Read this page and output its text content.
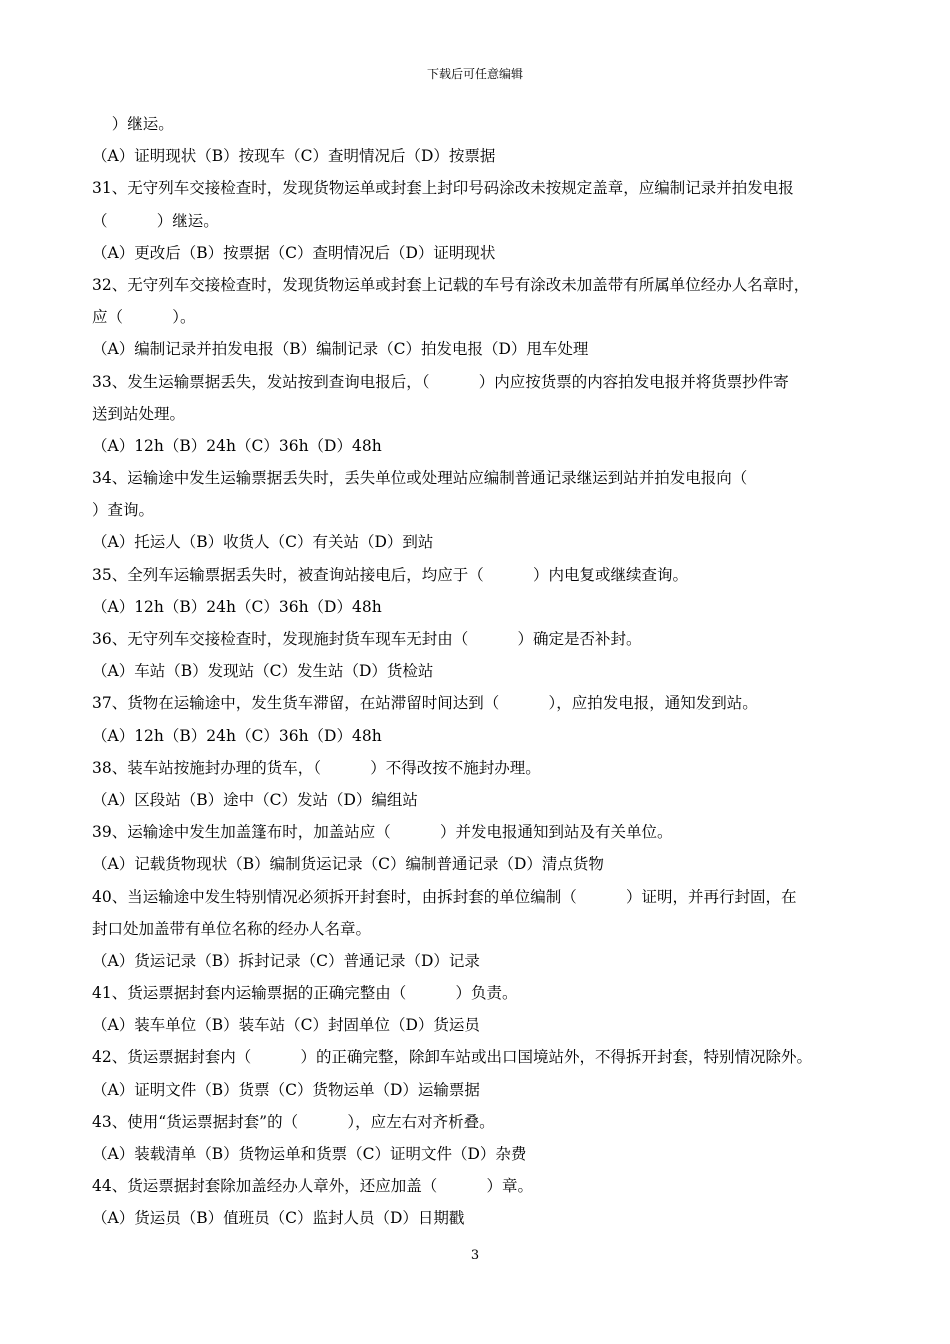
下载后可任意编辑
）继运。
（A）证明现状（B）按现车（C）查明情况后（D）按票据
31、无守列车交接检查时，发现货物运单或封套上封印号码涂改未按规定盖章，应编制记录并拍发电报
（          ）继运。
（A）更改后（B）按票据（C）查明情况后（D）证明现状
32、无守列车交接检查时，发现货物运单或封套上记载的车号有涂改未加盖带有所属单位经办人名章时，
应（          ）。
（A）编制记录并拍发电报（B）编制记录（C）拍发电报（D）甩车处理
33、发生运输票据丢失，发站按到查询电报后，（          ）内应按货票的内容拍发电报并将货票抄件寄
送到站处理。
（A）12h（B）24h（C）36h（D）48h
34、运输途中发生运输票据丢失时，丢失单位或处理站应编制普通记录继运到站并拍发电报向（
）查询。
（A）托运人（B）收货人（C）有关站（D）到站
35、全列车运输票据丢失时，被查询站接电后，均应于（          ）内电复或继续查询。
（A）12h（B）24h（C）36h（D）48h
36、无守列车交接检查时，发现施封货车现车无封由（          ）确定是否补封。
（A）车站（B）发现站（C）发生站（D）货检站
37、货物在运输途中，发生货车滞留，在站滞留时间达到（          ），应拍发电报，通知发到站。
（A）12h（B）24h（C）36h（D）48h
38、装车站按施封办理的货车，（          ）不得改按不施封办理。
（A）区段站（B）途中（C）发站（D）编组站
39、运输途中发生加盖篷布时，加盖站应（          ）并发电报通知到站及有关单位。
（A）记载货物现状（B）编制货运记录（C）编制普通记录（D）清点货物
40、当运输途中发生特别情况必须拆开封套时，由拆封套的单位编制（          ）证明，并再行封固，在
封口处加盖带有单位名称的经办人名章。
（A）货运记录（B）拆封记录（C）普通记录（D）记录
41、货运票据封套内运输票据的正确完整由（          ）负责。
（A）装车单位（B）装车站（C）封固单位（D）货运员
42、货运票据封套内（          ）的正确完整，除卸车站或出口国境站外，不得拆开封套，特别情况除外。
（A）证明文件（B）货票（C）货物运单（D）运输票据
43、使用“货运票据封套”的（          ），应左右对齐析叠。
（A）装载清单（B）货物运单和货票（C）证明文件（D）杂费
44、货运票据封套除加盖经办人章外，还应加盖（          ）章。
（A）货运员（B）值班员（C）监封人员（D）日期戳
3
